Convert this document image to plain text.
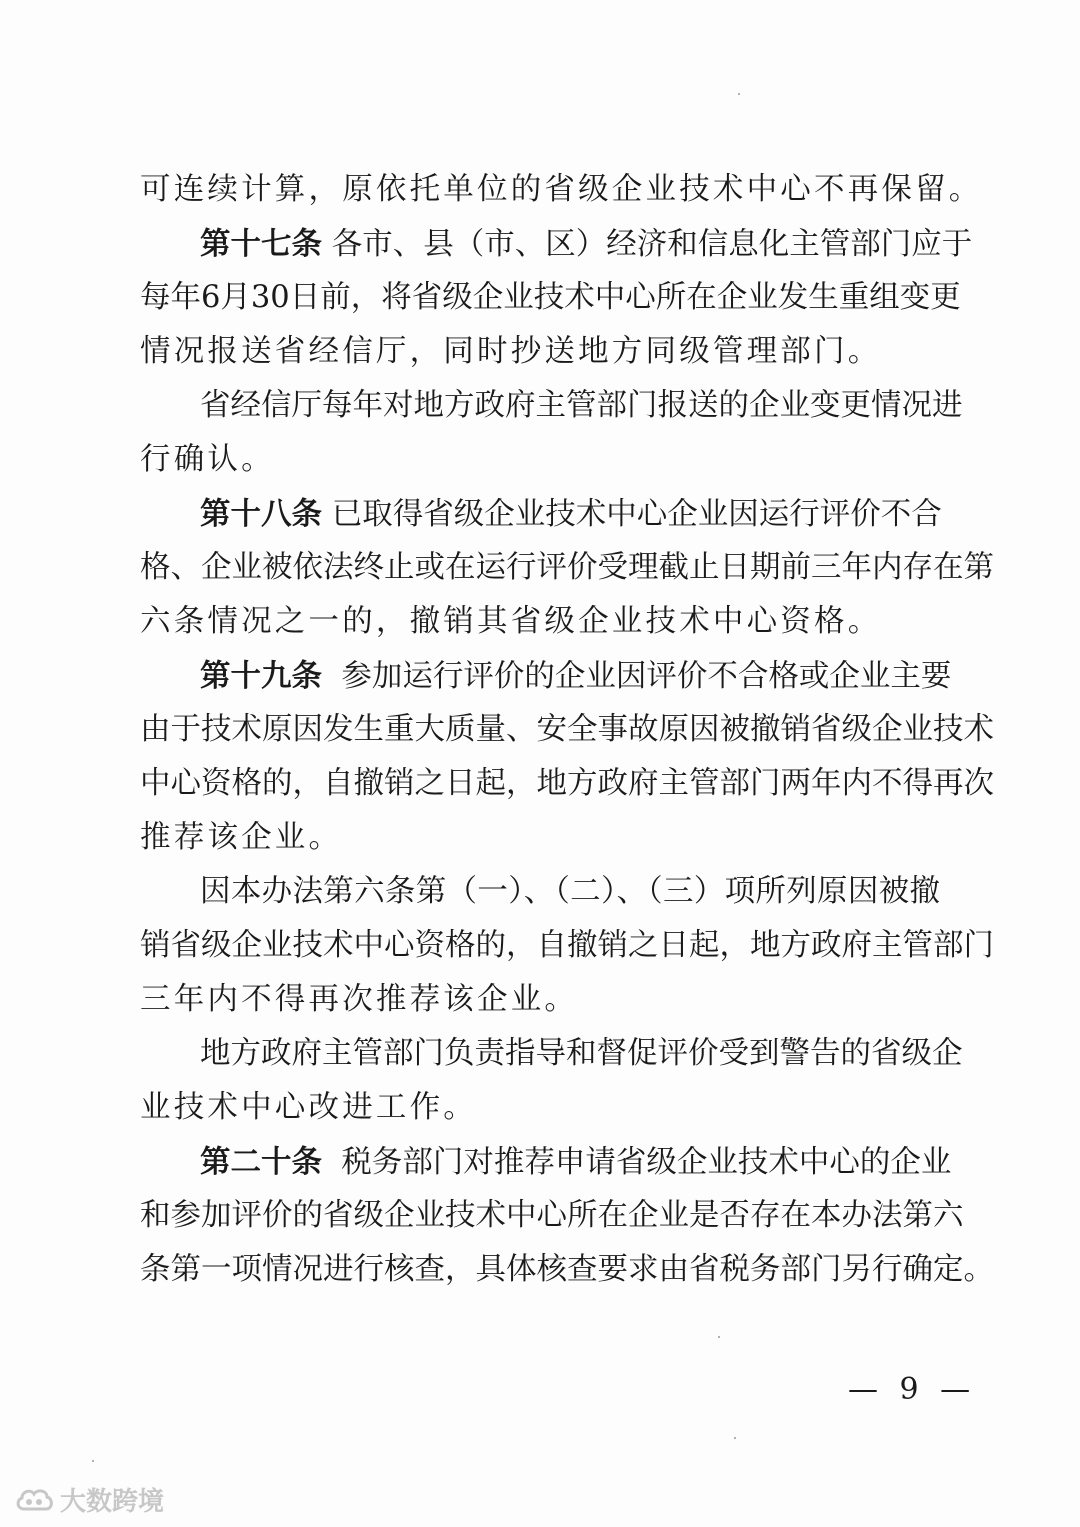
可连续计算，原依托单位的省级企业技术中心不再保留。
第十七条 各市、县（市、区）经济和信息化主管部门应于
每年6月30日前，将省级企业技术中心所在企业发生重组变更
情况报送省经信厅，同时抄送地方同级管理部门。
省经信厅每年对地方政府主管部门报送的企业变更情况进
行确认。
第十八条 已取得省级企业技术中心企业因运行评价不合
格、企业被依法终止或在运行评价受理截止日期前三年内存在第
六条情况之一的，撤销其省级企业技术中心资格。
第十九条 参加运行评价的企业因评价不合格或企业主要
由于技术原因发生重大质量、安全事故原因被撤销省级企业技术
中心资格的，自撤销之日起，地方政府主管部门两年内不得再次
推荐该企业。
因本办法第六条第（一）、（二）、（三）项所列原因被撤
销省级企业技术中心资格的，自撤销之日起，地方政府主管部门
三年内不得再次推荐该企业。
地方政府主管部门负责指导和督促评价受到警告的省级企
业技术中心改进工作。
第二十条 税务部门对推荐申请省级企业技术中心的企业
和参加评价的省级企业技术中心所在企业是否存在本办法第六
条第一项情况进行核查，具体核查要求由省税务部门另行确定。
— 9 —
大数跨境
